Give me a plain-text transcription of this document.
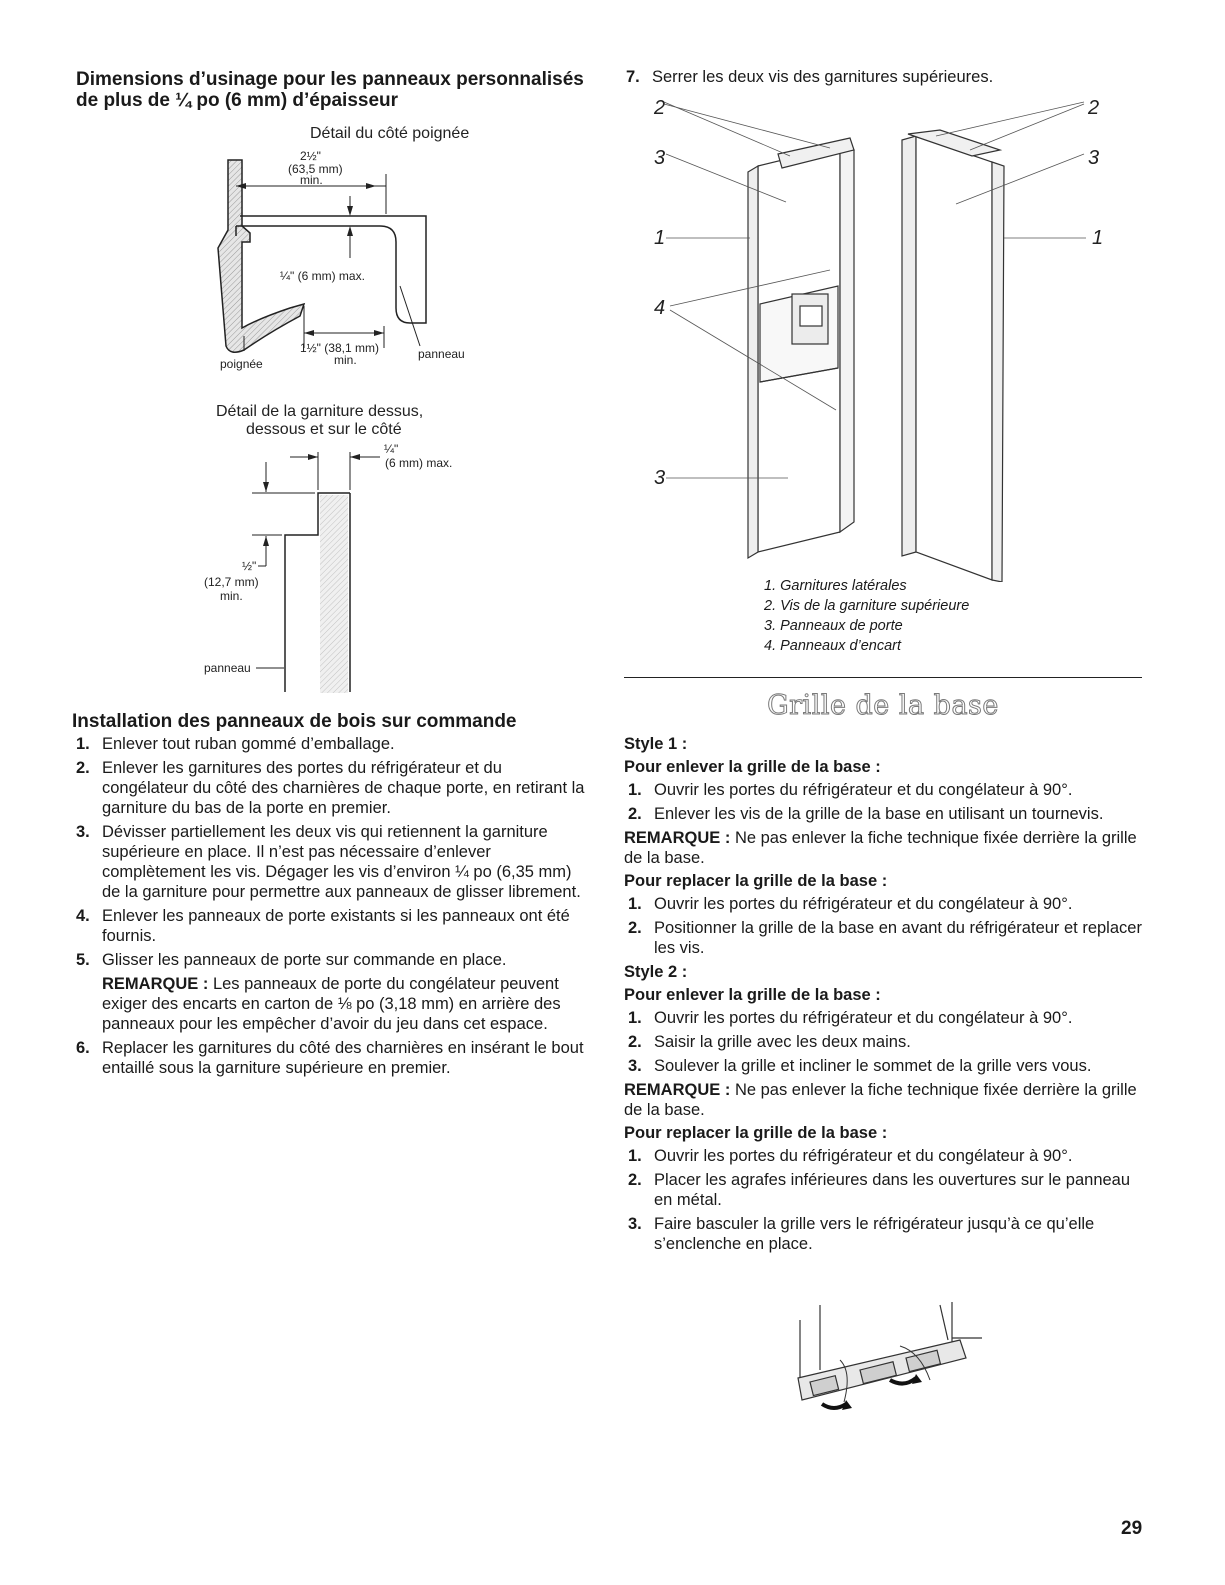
Dimensions d’usinage pour les panneaux personnalisés
de plus de ¼ po (6 mm) d’épaisseur
Détail du côté poignée
2½"
(63,5 mm)
min.
¼" (6 mm) max.
1½" (38,1 mm)
min.
poignée
panneau
Détail de la garniture dessus,
dessous et sur le côté
¼"
(6 mm) max.
½"
(12,7 mm)
min.
panneau
Installation des panneaux de bois sur commande
1. Enlever tout ruban gommé d’emballage.
2. Enlever les garnitures des portes du réfrigérateur et du congélateur du côté des charnières de chaque porte, en retirant la garniture du bas de la porte en premier.
3. Dévisser partiellement les deux vis qui retiennent la garniture supérieure en place. Il n’est pas nécessaire d’enlever complètement les vis. Dégager les vis d’environ ¼ po (6,35 mm) de la garniture pour permettre aux panneaux de glisser librement.
4. Enlever les panneaux de porte existants si les panneaux ont été fournis.
5. Glisser les panneaux de porte sur commande en place.
REMARQUE : Les panneaux de porte du congélateur peuvent exiger des encarts en carton de ⅛ po (3,18 mm) en arrière des panneaux pour les empêcher d’avoir du jeu dans cet espace.
6. Replacer les garnitures du côté des charnières en insérant le bout entaillé sous la garniture supérieure en premier.
7. Serrer les deux vis des garnitures supérieures.
2	2
3	3
1	1
4
3
1. Garnitures latérales
2. Vis de la garniture supérieure
3. Panneaux de porte
4. Panneaux d’encart
Grille de la base
Style 1 :
Pour enlever la grille de la base :
1. Ouvrir les portes du réfrigérateur et du congélateur à 90°.
2. Enlever les vis de la grille de la base en utilisant un tournevis.
REMARQUE : Ne pas enlever la fiche technique fixée derrière la grille de la base.
Pour replacer la grille de la base :
1. Ouvrir les portes du réfrigérateur et du congélateur à 90°.
2. Positionner la grille de la base en avant du réfrigérateur et replacer les vis.
Style 2 :
Pour enlever la grille de la base :
1. Ouvrir les portes du réfrigérateur et du congélateur à 90°.
2. Saisir la grille avec les deux mains.
3. Soulever la grille et incliner le sommet de la grille vers vous.
REMARQUE : Ne pas enlever la fiche technique fixée derrière la grille de la base.
Pour replacer la grille de la base :
1. Ouvrir les portes du réfrigérateur et du congélateur à 90°.
2. Placer les agrafes inférieures dans les ouvertures sur le panneau en métal.
3. Faire basculer la grille vers le réfrigérateur jusqu’à ce qu’elle s’enclenche en place.
29
